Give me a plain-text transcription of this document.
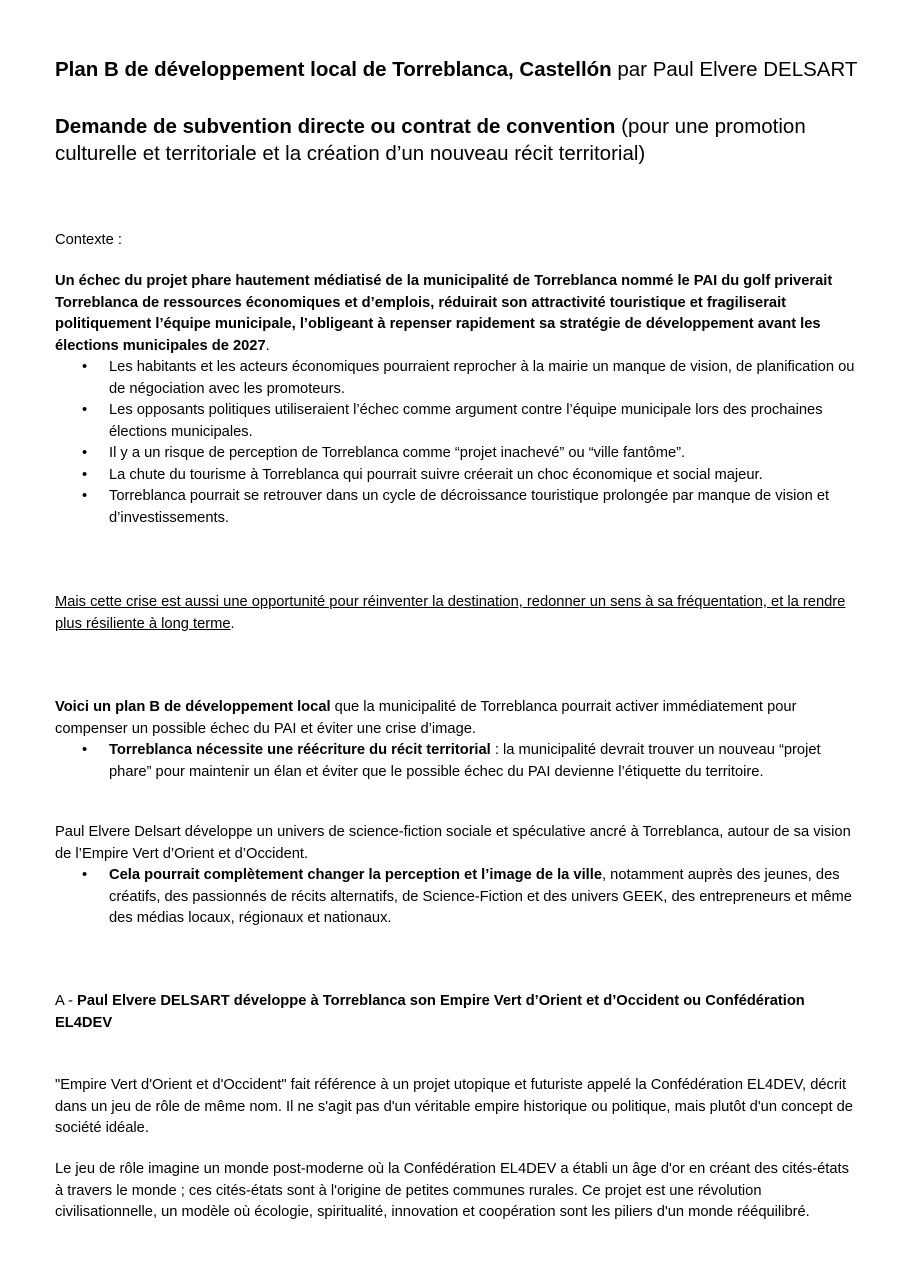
Plan B de développement local de Torreblanca, Castellón par Paul Elvere DELSART
Demande de subvention directe ou contrat de convention (pour une promotion culturelle et territoriale et la création d’un nouveau récit territorial)
Contexte :
Un échec du projet phare hautement médiatisé de la municipalité de Torreblanca nommé le PAI du golf priverait Torreblanca de ressources économiques et d’emplois, réduirait son attractivité touristique et fragiliserait politiquement l’équipe municipale, l’obligeant à repenser rapidement sa stratégie de développement avant les élections municipales de 2027.
• Les habitants et les acteurs économiques pourraient reprocher à la mairie un manque de vision, de planification ou de négociation avec les promoteurs.
• Les opposants politiques utiliseraient l’échec comme argument contre l’équipe municipale lors des prochaines élections municipales.
• Il y a un risque de perception de Torreblanca comme “projet inachevé” ou “ville fantôme”.
• La chute du tourisme à Torreblanca qui pourrait suivre créerait un choc économique et social majeur.
• Torreblanca pourrait se retrouver dans un cycle de décroissance touristique prolongée par manque de vision et d’investissements.
Mais cette crise est aussi une opportunité pour réinventer la destination, redonner un sens à sa fréquentation, et la rendre plus résiliente à long terme.
Voici un plan B de développement local que la municipalité de Torreblanca pourrait activer immédiatement pour compenser un possible échec du PAI et éviter une crise d’image.
• Torreblanca nécessite une réécriture du récit territorial : la municipalité devrait trouver un nouveau “projet phare” pour maintenir un élan et éviter que le possible échec du PAI devienne l’étiquette du territoire.
Paul Elvere Delsart développe un univers de science-fiction sociale et spéculative ancré à Torreblanca, autour de sa vision de l’Empire Vert d’Orient et d’Occident.
• Cela pourrait complètement changer la perception et l’image de la ville, notamment auprès des jeunes, des créatifs, des passionnés de récits alternatifs, de Science-Fiction et des univers GEEK, des entrepreneurs et même des médias locaux, régionaux et nationaux.
A - Paul Elvere DELSART développe à Torreblanca son Empire Vert d’Orient et d’Occident ou Confédération EL4DEV
"Empire Vert d'Orient et d'Occident" fait référence à un projet utopique et futuriste appelé la Confédération EL4DEV, décrit dans un jeu de rôle de même nom. Il ne s'agit pas d'un véritable empire historique ou politique, mais plutôt d'un concept de société idéale.
Le jeu de rôle imagine un monde post-moderne où la Confédération EL4DEV a établi un âge d'or en créant des cités-états à travers le monde ; ces cités-états sont à l'origine de petites communes rurales. Ce projet est une révolution civilisationnelle, un modèle où écologie, spiritualité, innovation et coopération sont les piliers d'un monde rééquilibré.
